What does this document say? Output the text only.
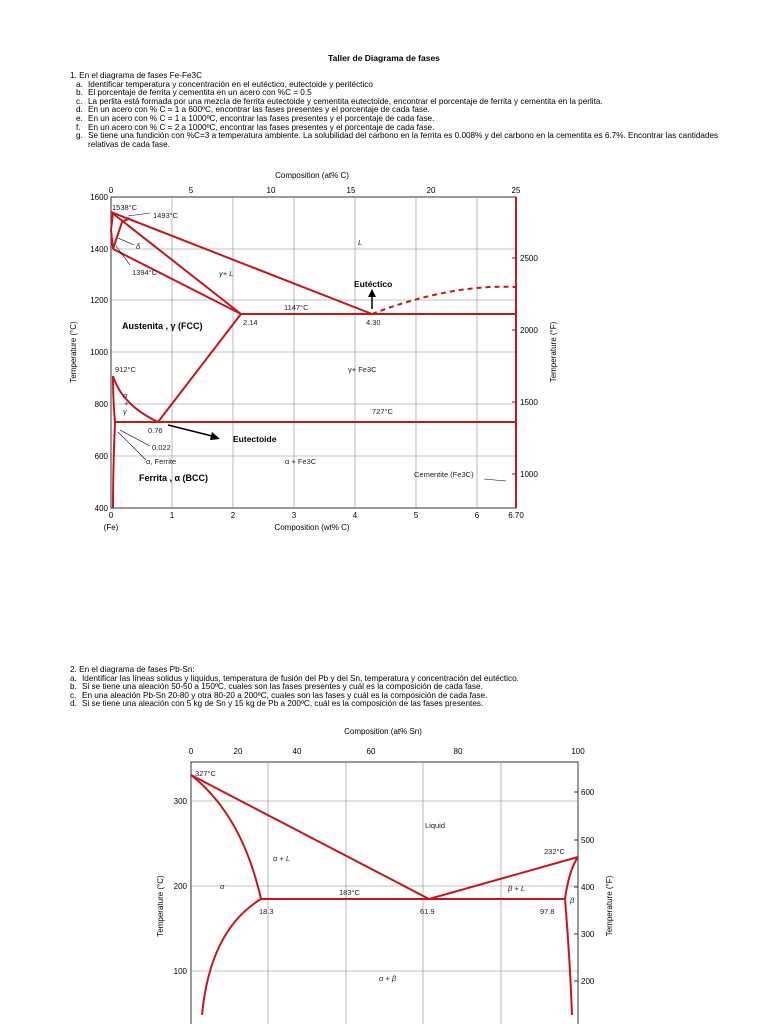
Taller de Diagrama de fases
1. En el diagrama de fases Fe-Fe3C
a. Identificar temperatura y concentración en el eutéctico, eutectoide y peritéctico
b. El porcentaje de ferrita y cementita en un acero con %C = 0.5
c. La perlita está formada por una mezcla de ferrita eutectoide y cementita eutectoide, encontrar el porcentaje de ferrita y cementita en la perlita.
d. En un acero con % C = 1 a 600ºC, encontrar las fases presentes y el porcentaje de cada fase.
e. En un acero con % C = 1 a 1000ºC, encontrar las fases presentes y el porcentaje de cada fase.
f. En un acero con % C = 2 a 1000ºC, encontrar las fases presentes y el porcentaje de cada fase.
g. Se tiene una fundición con %C=3 a temperatura ambiente. La solubilidad del carbono en la ferrita es 0.008% y del carbono en la cementita es 6.7%. Encontrar las cantidades relativas de cada fase.
Composition (at% C)
0	5	10	15	20	25
1600
1400
1200
1000
800
600
400
Temperature (°C)
2500
2000
1500
1000
Temperature (°F)
0	1	2	3	4	5	6	6.70
(Fe)	Composition (wt% C)
1538°C
1493°C
δ
1394°C	γ+ L
L
1147°C
2.14	4.30
Eutéctico
Austenita , γ (FCC)
912°C	γ+ Fe3C
α
+
γ	727°C
0.76
Eutectoide
0.022
α, Ferrite	α + Fe3C
Cementite (Fe3C)
Ferrita , α (BCC)
2. En el diagrama de fases Pb-Sn:
a. Identificar las líneas solidus y liquidus, temperatura de fusión del Pb y del Sn, temperatura y concentración del eutéctico.
b. Si se tiene una aleación 50-50 a 150ºC, cuales son las fases presentes y cuál es la composición de cada fase.
c. En una aleación Pb-Sn 20-80 y otra 80-20 a 200ºC, cuales son las fases y cuál es la composición de cada fase.
d. Si se tiene una aleación con 5 kg de Sn y 15 kg de Pb a 200ºC, cuál es la composición de las fases presentes.
Composition (at% Sn)
0	20	40	60	80	100
300
200
100
Temperature (°C)
600
500
400
300
200
Temperature (°F)
327°C
Liquid
232°C
α + L
β + L
α
183°C
β
18.3	61.9	97.8
α + β
